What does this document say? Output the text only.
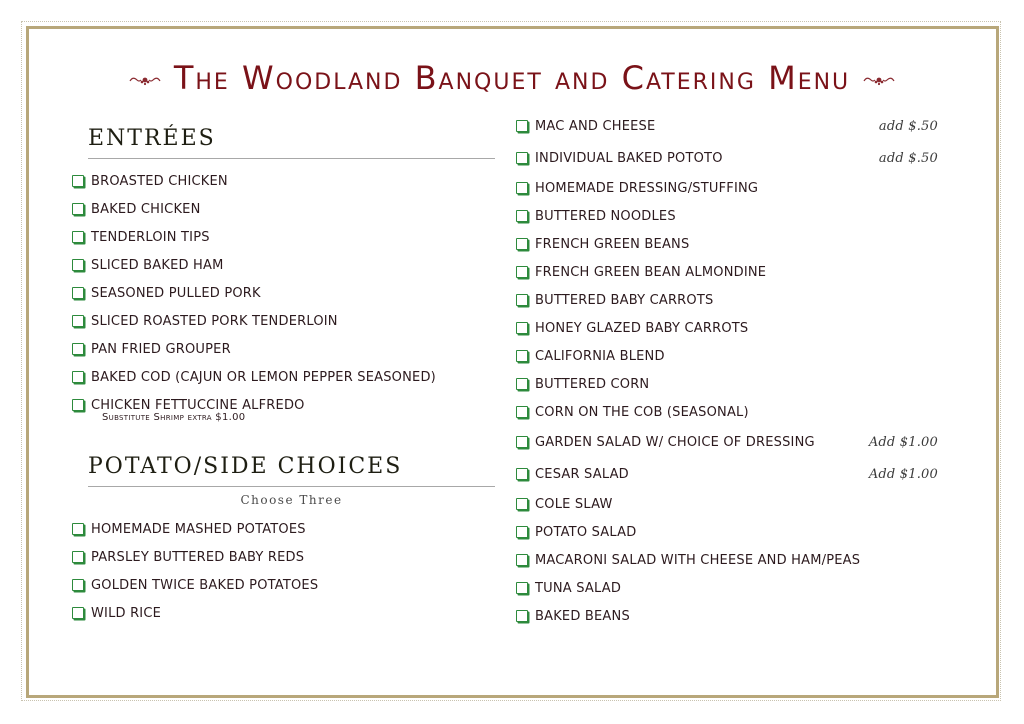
The Woodland Banquet and Catering Menu
ENTRÉES
BROASTED CHICKEN
BAKED CHICKEN
TENDERLOIN TIPS
SLICED BAKED HAM
SEASONED PULLED PORK
SLICED ROASTED PORK TENDERLOIN
PAN FRIED GROUPER
BAKED COD (CAJUN OR LEMON PEPPER SEASONED)
CHICKEN FETTUCCINE ALFREDO
Substitute Shrimp extra $1.00
POTATO/SIDE CHOICES
Choose Three
HOMEMADE MASHED POTATOES
PARSLEY BUTTERED BABY REDS
GOLDEN TWICE BAKED POTATOES
WILD RICE
MAC AND CHEESE	add $.50
INDIVIDUAL BAKED POTOTO	add $.50
HOMEMADE DRESSING/STUFFING
BUTTERED NOODLES
FRENCH GREEN BEANS
FRENCH GREEN BEAN ALMONDINE
BUTTERED BABY CARROTS
HONEY GLAZED BABY CARROTS
CALIFORNIA BLEND
BUTTERED CORN
CORN ON THE COB (SEASONAL)
GARDEN SALAD W/ CHOICE OF DRESSING	Add $1.00
CESAR SALAD	Add $1.00
COLE SLAW
POTATO SALAD
MACARONI SALAD WITH CHEESE AND HAM/PEAS
TUNA SALAD
BAKED BEANS
